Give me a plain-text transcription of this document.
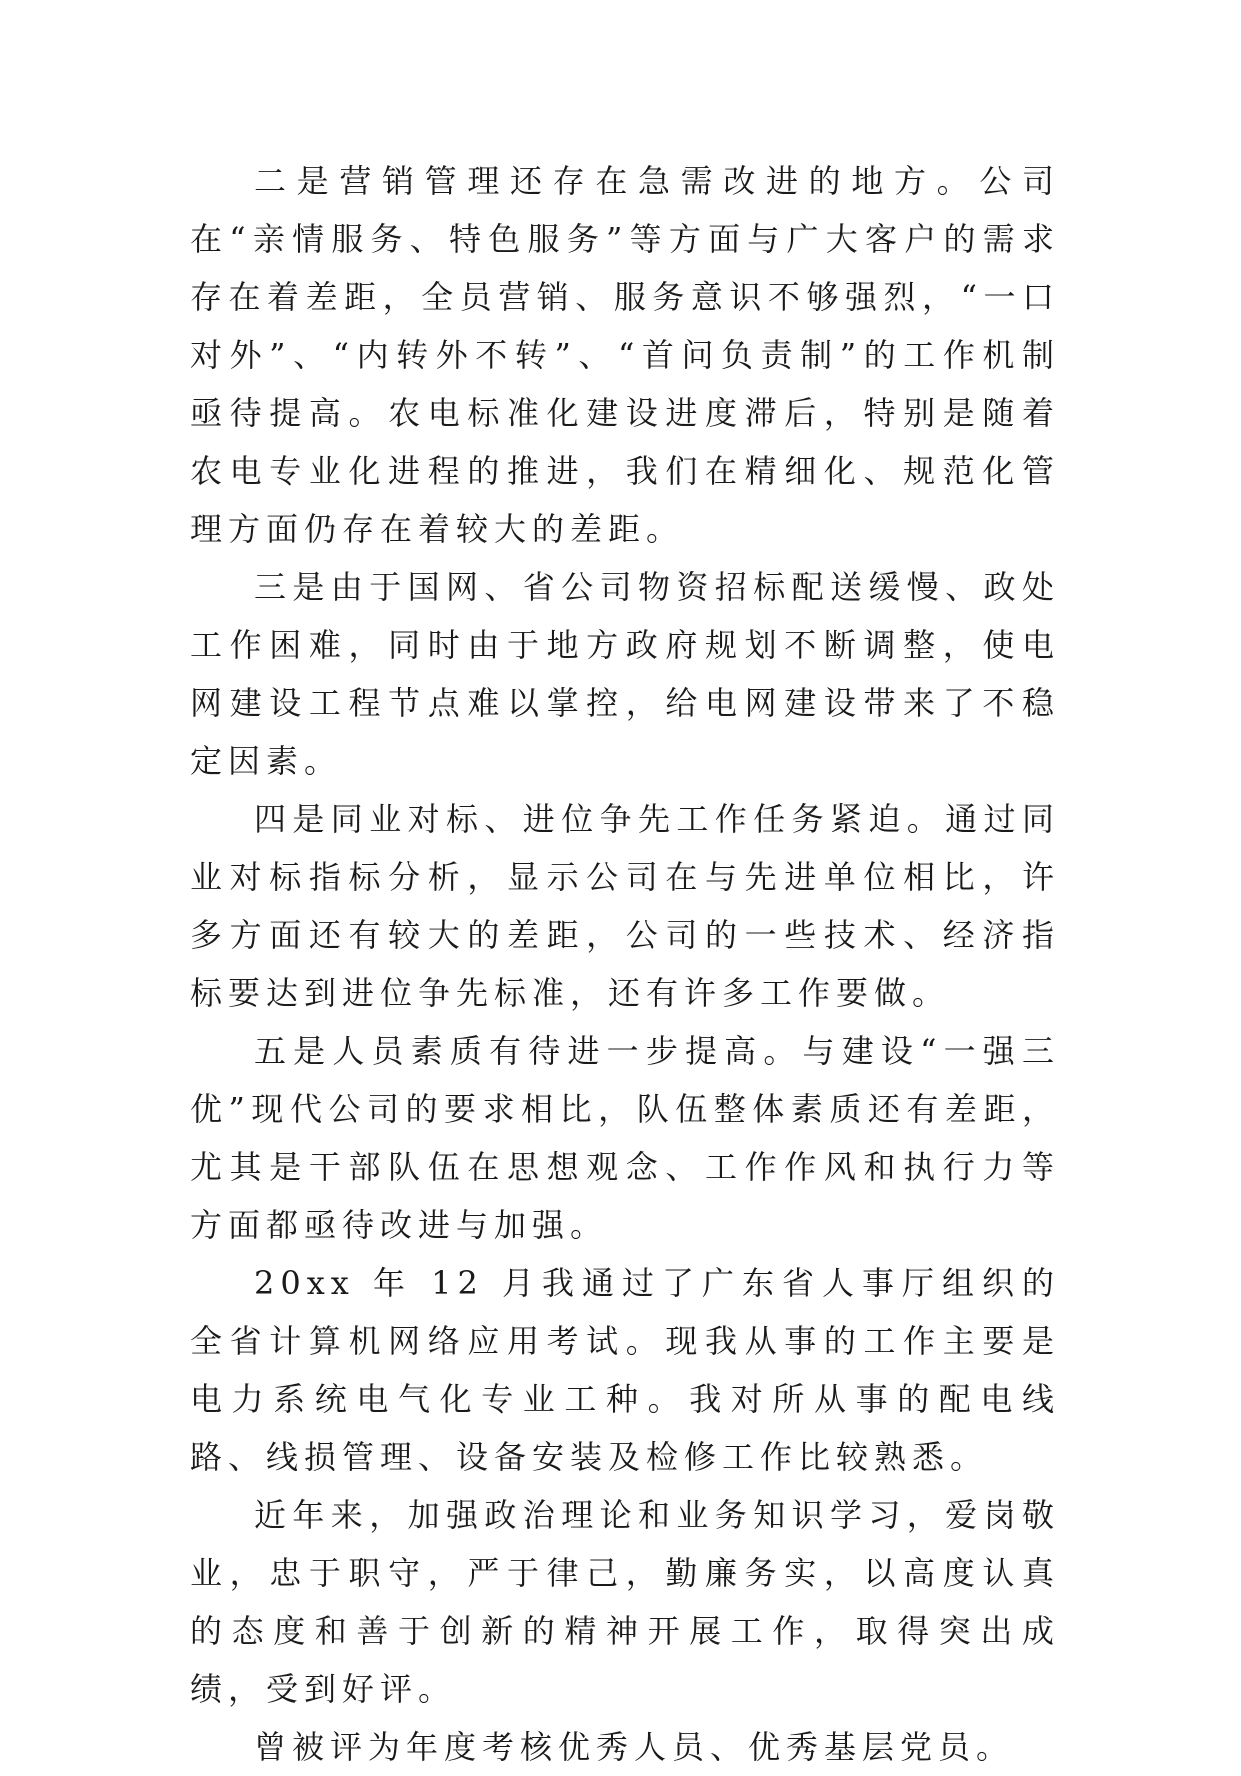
二是营销管理还存在急需改进的地方。公司在“亲情服务、特色服务”等方面与广大客户的需求存在着差距，全员营销、服务意识不够强烈，“一口对外”、“内转外不转”、“首问负责制”的工作机制亟待提高。农电标准化建设进度滞后，特别是随着农电专业化进程的推进，我们在精细化、规范化管理方面仍存在着较大的差距。

三是由于国网、省公司物资招标配送缓慢、政处工作困难，同时由于地方政府规划不断调整，使电网建设工程节点难以掌控，给电网建设带来了不稳定因素。

四是同业对标、进位争先工作任务紧迫。通过同业对标指标分析，显示公司在与先进单位相比，许多方面还有较大的差距，公司的一些技术、经济指标要达到进位争先标准，还有许多工作要做。

五是人员素质有待进一步提高。与建设“一强三优”现代公司的要求相比，队伍整体素质还有差距，尤其是干部队伍在思想观念、工作作风和执行力等方面都亟待改进与加强。

20xx 年 12 月我通过了广东省人事厅组织的全省计算机网络应用考试。现我从事的工作主要是电力系统电气化专业工种。我对所从事的配电线路、线损管理、设备安装及检修工作比较熟悉。

近年来，加强政治理论和业务知识学习，爱岗敬业，忠于职守，严于律己，勤廉务实，以高度认真的态度和善于创新的精神开展工作，取得突出成绩，受到好评。

曾被评为年度考核优秀人员、优秀基层党员。
